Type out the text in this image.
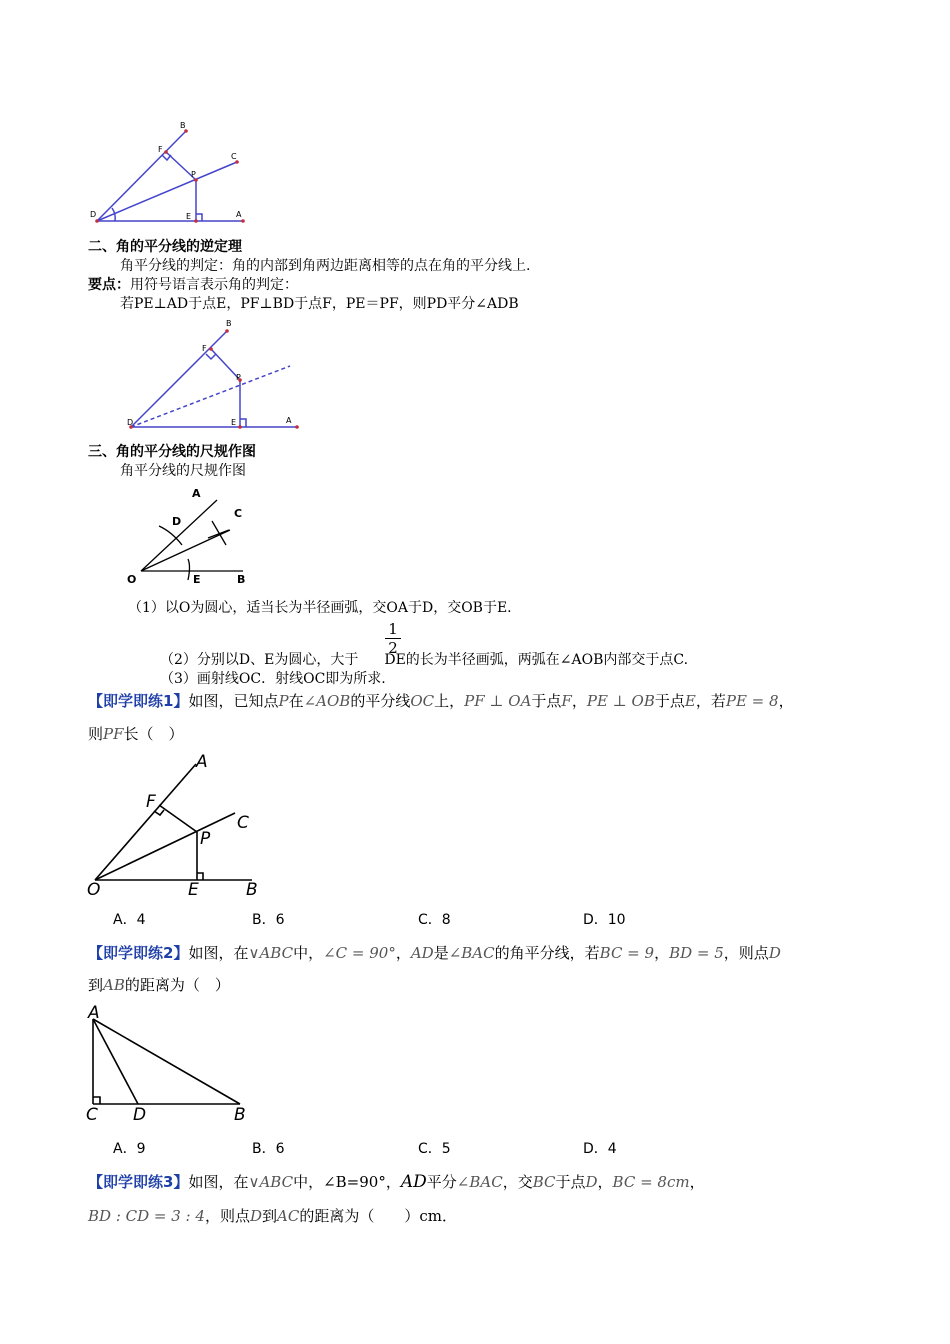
B
F
C
P
D	E	A
二、角的平分线的逆定理
角平分线的判定：角的内部到角两边距离相等的点在角的平分线上.
要点：用符号语言表示角的判定：
若PE⊥AD于点E，PF⊥BD于点F，PE＝PF，则PD平分∠ADB
B
F
P
D	E	A
三、角的平分线的尺规作图
角平分线的尺规作图
A
D
C
O	E	B
（1）以O为圆心，适当长为半径画弧，交OA于D，交OB于E.
（2）分别以D、E为圆心，大于 DE的长为半径画弧，两弧在∠AOB内部交于点C.
1
2
（3）画射线OC．射线OC即为所求.
【即学即练1】如图，已知点P在∠AOB的平分线OC上，PF ⊥ OA于点F，PE ⊥ OB于点E，若PE = 8，
则PF长（　）
A
F
C
P
O	E	B
A．4	B．6	C．8	D．10
【即学即练2】如图，在∨ABC中，∠C = 90°，AD是∠BAC的角平分线，若BC = 9，BD = 5，则点D
到AB的距离为（　）
A
C D	B
A．9	B．6	C．5	D．4
【即学即练3】如图，在∨ABC中，∠B=90°，AD平分∠BAC，交BC于点D，BC = 8cm，
BD : CD = 3 : 4，则点D到AC的距离为（　　）cm．
